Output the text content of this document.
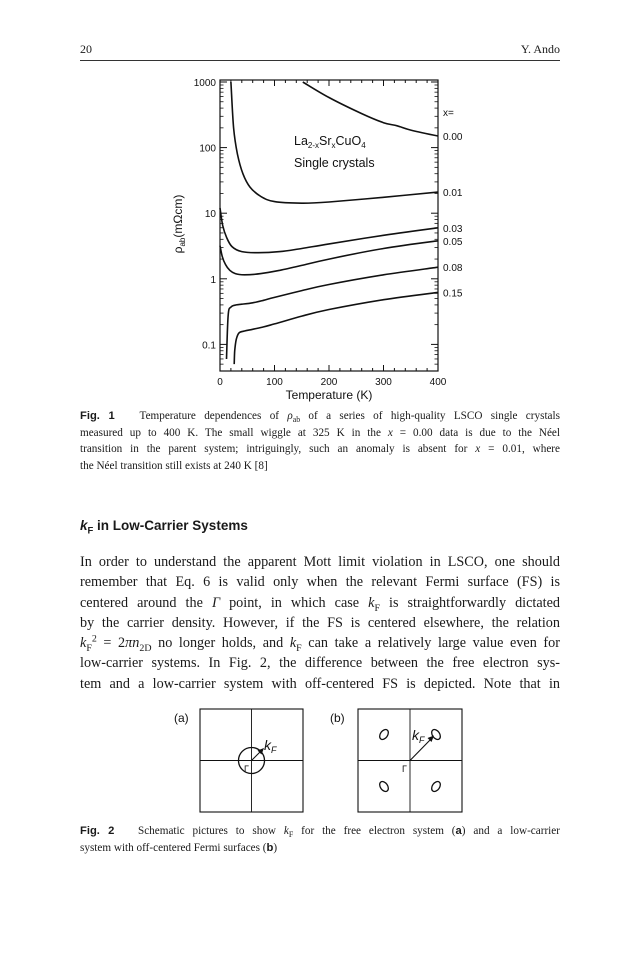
20	Y. Ando
0	100	200	300	400
0.1
1
10
100
1000
0.00
0.01
0.03
0.05
0.08
0.15
Temperature (K)
$\rho_{ab}(m\Omega cm)$
$La_{2-x}Sr_xCuO_4$
Single crystals
x=
Fig. 1   Temperature dependences of $\rho_{ab}$ of a series of high-quality LSCO single crystals
measured up to 400 K. The small wiggle at 325 K in the x = 0.00 data is due to the Néel
transition in the parent system; intriguingly, such an anomaly is absent for x = 0.01, where
the Néel transition still exists at 240 K [8]
$k_F$ in Low-Carrier Systems
In order to understand the apparent Mott limit violation in LSCO, one should
remember that Eq. 6 is valid only when the relevant Fermi surface (FS) is
centered around the Γ point, in which case $k_F$ is straightforwardly dictated
by the carrier density. However, if the FS is centered elsewhere, the relation
$k_F^2 = 2\pi n_{2D}$ no longer holds, and $k_F$ can take a relatively large value even for
low-carrier systems. In Fig. 2, the difference between the free electron sys-
tem and a low-carrier system with off-centered FS is depicted. Note that in
(a)
Γ
$k_F$
(b)
Γ
$k_F$
Fig. 2   Schematic pictures to show $k_F$ for the free electron system (a) and a low-carrier
system with off-centered Fermi surfaces (b)
